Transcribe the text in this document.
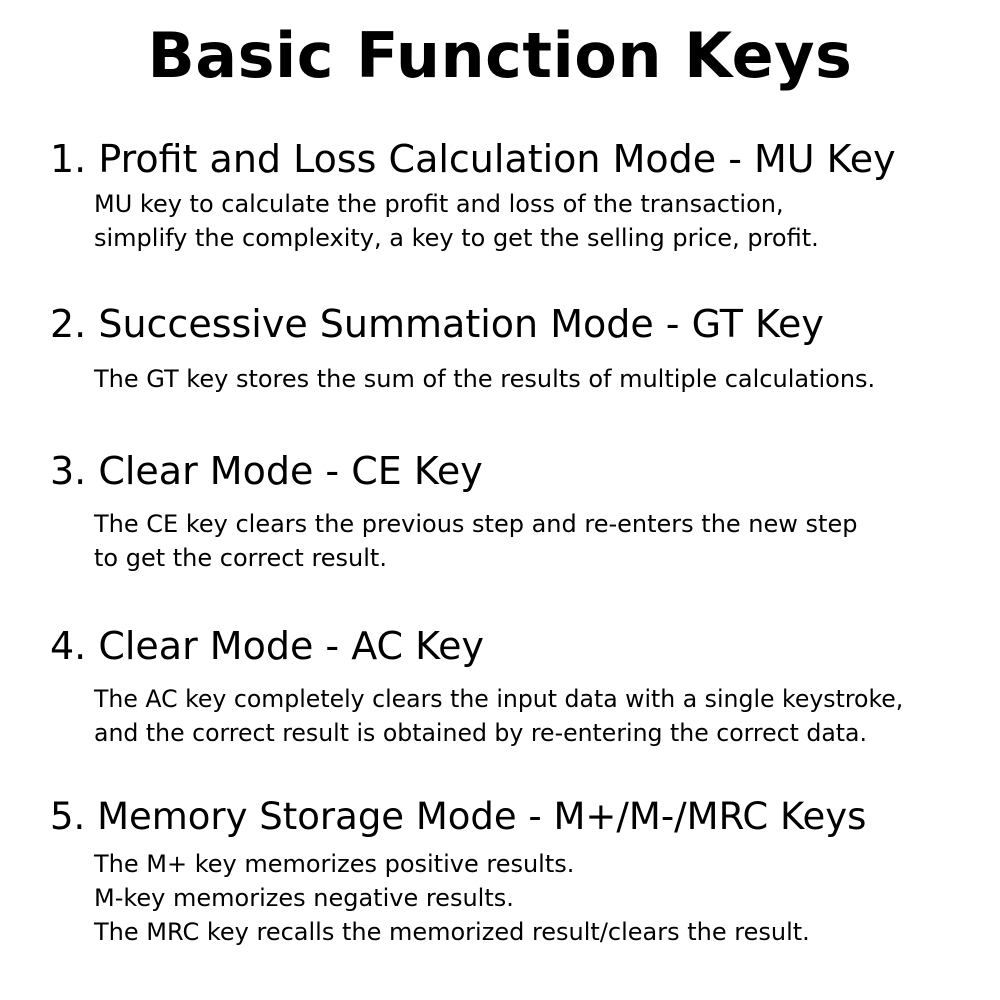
Basic Function Keys
1. Profit and Loss Calculation Mode - MU Key

MU key to calculate the profit and loss of the transaction,
simplify the complexity, a key to get the selling price, profit.

2. Successive Summation Mode - GT Key

The GT key stores the sum of the results of multiple calculations.

3. Clear Mode - CE Key

The CE key clears the previous step and re-enters the new step
to get the correct result.

4. Clear Mode - AC Key

The AC key completely clears the input data with a single keystroke,
and the correct result is obtained by re-entering the correct data.

5. Memory Storage Mode - M+/M-/MRC Keys

The M+ key memorizes positive results.
M-key memorizes negative results.
The MRC key recalls the memorized result/clears the result.
